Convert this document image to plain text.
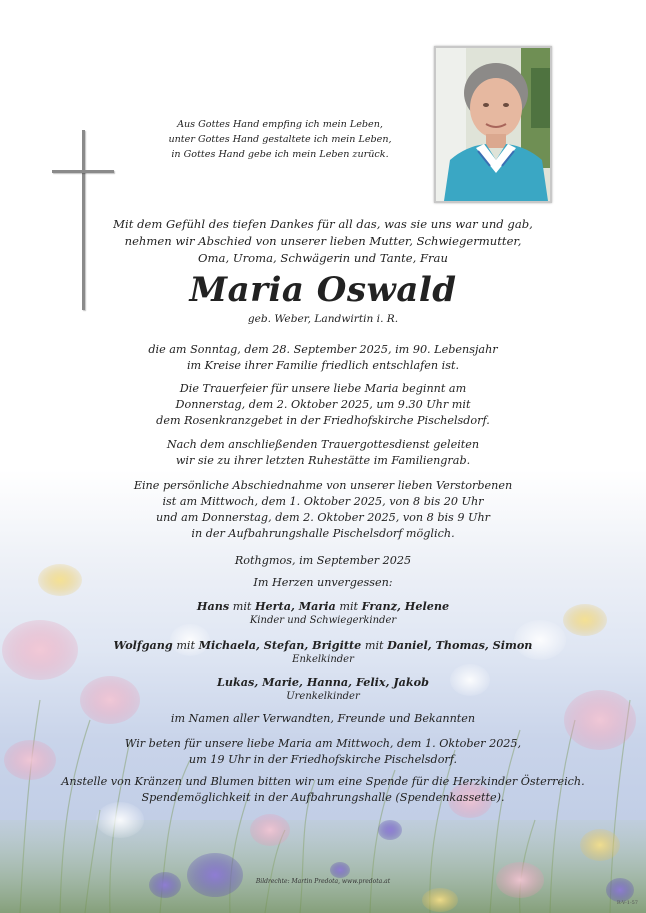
Aus Gottes Hand empfing ich mein Leben,
unter Gottes Hand gestaltete ich mein Leben,
in Gottes Hand gebe ich mein Leben zurück.
Mit dem Gefühl des tiefen Dankes für all das, was sie uns war und gab,
nehmen wir Abschied von unserer lieben Mutter, Schwiegermutter,
Oma, Uroma, Schwägerin und Tante, Frau
Maria Oswald
geb. Weber, Landwirtin i. R.
die am Sonntag, dem 28. September 2025, im 90. Lebensjahr
im Kreise ihrer Familie friedlich entschlafen ist.
Die Trauerfeier für unsere liebe Maria beginnt am
Donnerstag, dem 2. Oktober 2025, um 9.30 Uhr mit
dem Rosenkranzgebet in der Friedhofskirche Pischelsdorf.
Nach dem anschließenden Trauergottesdienst geleiten
wir sie zu ihrer letzten Ruhestätte im Familiengrab.
Eine persönliche Abschiednahme von unserer lieben Verstorbenen
ist am Mittwoch, dem 1. Oktober 2025, von 8 bis 20 Uhr
und am Donnerstag, dem 2. Oktober 2025, von 8 bis 9 Uhr
in der Aufbahrungshalle Pischelsdorf möglich.
Rothgmos, im September 2025
Im Herzen unvergessen:
Hans mit Herta, Maria mit Franz, Helene
Kinder und Schwiegerkinder
Wolfgang mit Michaela, Stefan, Brigitte mit Daniel, Thomas, Simon
Enkelkinder
Lukas, Marie, Hanna, Felix, Jakob
Urenkelkinder
im Namen aller Verwandten, Freunde und Bekannten
Wir beten für unsere liebe Maria am Mittwoch, dem 1. Oktober 2025,
um 19 Uhr in der Friedhofskirche Pischelsdorf.
Anstelle von Kränzen und Blumen bitten wir um eine Spende für die Herzkinder Österreich.
Spendemöglichkeit in der Aufbahrungshalle (Spendenkassette).
Bildrechte: Martin Predota, www.predota.at
R-V-1-57
